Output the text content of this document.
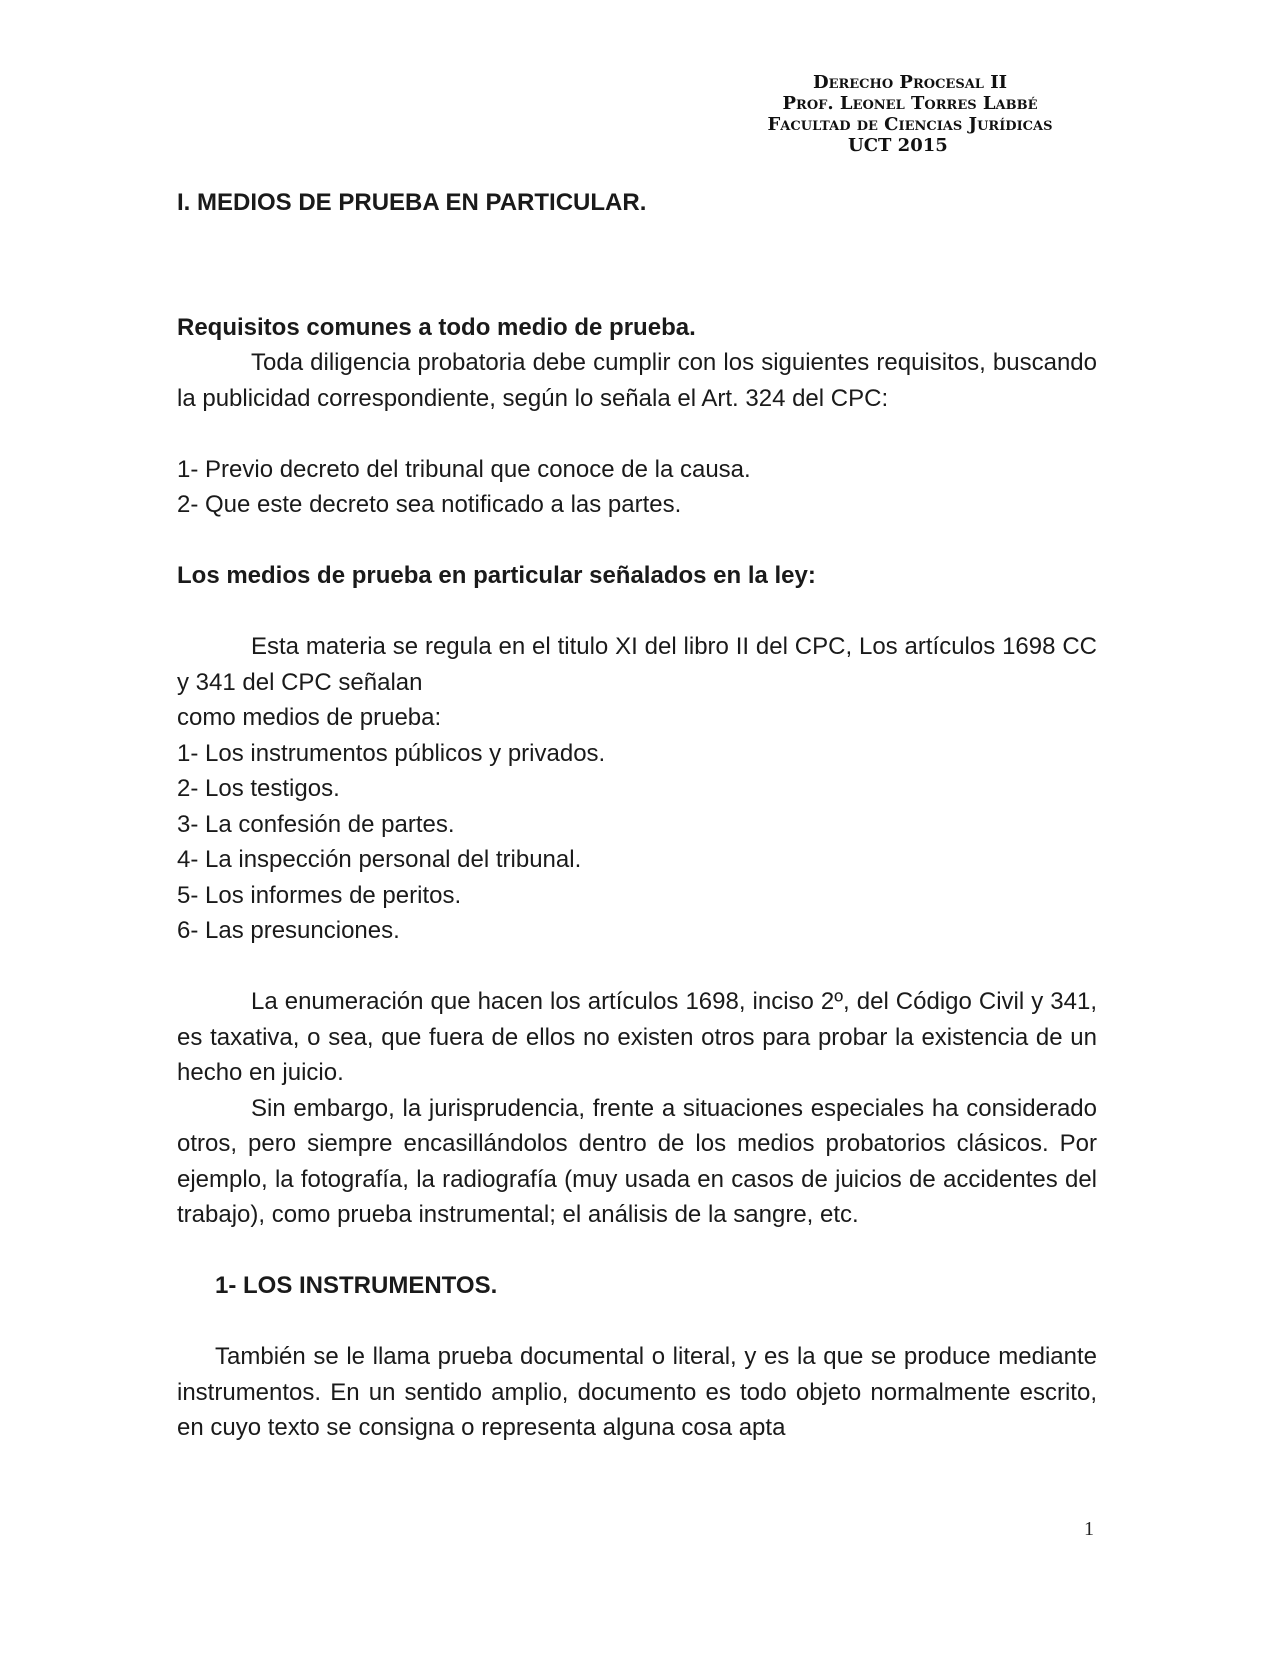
Derecho Procesal II
Prof. Leonel Torres Labbé
Facultad de Ciencias Jurídicas
UCT 2015

I. MEDIOS DE PRUEBA EN PARTICULAR.

Requisitos comunes a todo medio de prueba.

Toda diligencia probatoria debe cumplir con los siguientes requisitos, buscando la publicidad correspondiente, según lo señala el Art. 324 del CPC:

1- Previo decreto del tribunal que conoce de la causa.

2- Que este decreto sea notificado a las partes.

Los medios de prueba en particular señalados en la ley:

Esta materia se regula en el titulo XI del libro II del CPC, Los artículos 1698 CC y 341 del CPC señalan

como medios de prueba:

1- Los instrumentos públicos y privados.

2- Los testigos.

3- La confesión de partes.

4- La inspección personal del tribunal.

5- Los informes de peritos.

6- Las presunciones.

La enumeración que hacen los artículos 1698, inciso 2º, del Código Civil y 341, es taxativa, o sea, que fuera de ellos no existen otros para probar la existencia de un hecho en juicio.

Sin embargo, la jurisprudencia, frente a situaciones especiales ha considerado otros, pero siempre encasillándolos dentro de los medios probatorios clásicos. Por ejemplo, la fotografía, la radiografía (muy usada en casos de juicios de accidentes del trabajo), como prueba instrumental; el análisis de la sangre, etc.

1- LOS INSTRUMENTOS.

También se le llama prueba documental o literal, y es la que se produce mediante instrumentos. En un sentido amplio, documento es todo objeto normalmente escrito, en cuyo texto se consigna o representa alguna cosa apta

1
